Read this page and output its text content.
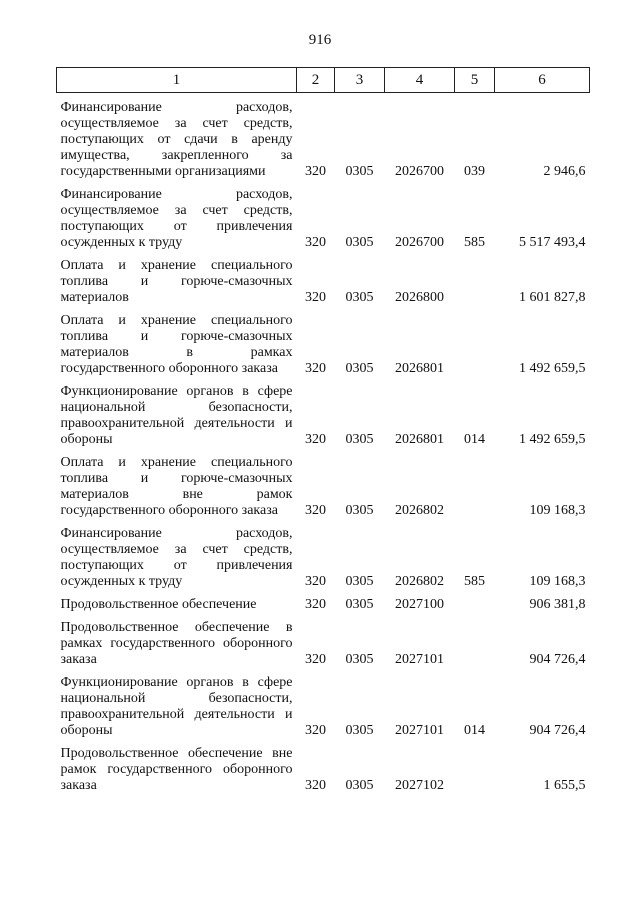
916
1	2	3	4	5	6
Финансирование расходов, осуществляемое за счет средств, поступающих от сдачи в аренду имущества, закрепленного за государственными организациями	320	0305	2026700	039	2 946,6
Финансирование расходов, осуществляемое за счет средств, поступающих от привлечения осужденных к труду	320	0305	2026700	585	5 517 493,4
Оплата и хранение специального топлива и горюче-смазочных материалов	320	0305	2026800		1 601 827,8
Оплата и хранение специального топлива и горюче-смазочных материалов в рамках государственного оборонного заказа	320	0305	2026801		1 492 659,5
Функционирование органов в сфере национальной безопасности, правоохранительной деятельности и обороны	320	0305	2026801	014	1 492 659,5
Оплата и хранение специального топлива и горюче-смазочных материалов вне рамок государственного оборонного заказа	320	0305	2026802		109 168,3
Финансирование расходов, осуществляемое за счет средств, поступающих от привлечения осужденных к труду	320	0305	2026802	585	109 168,3
Продовольственное обеспечение	320	0305	2027100		906 381,8
Продовольственное обеспечение в рамках государственного оборонного заказа	320	0305	2027101		904 726,4
Функционирование органов в сфере национальной безопасности, правоохранительной деятельности и обороны	320	0305	2027101	014	904 726,4
Продовольственное обеспечение вне рамок государственного оборонного заказа	320	0305	2027102		1 655,5
